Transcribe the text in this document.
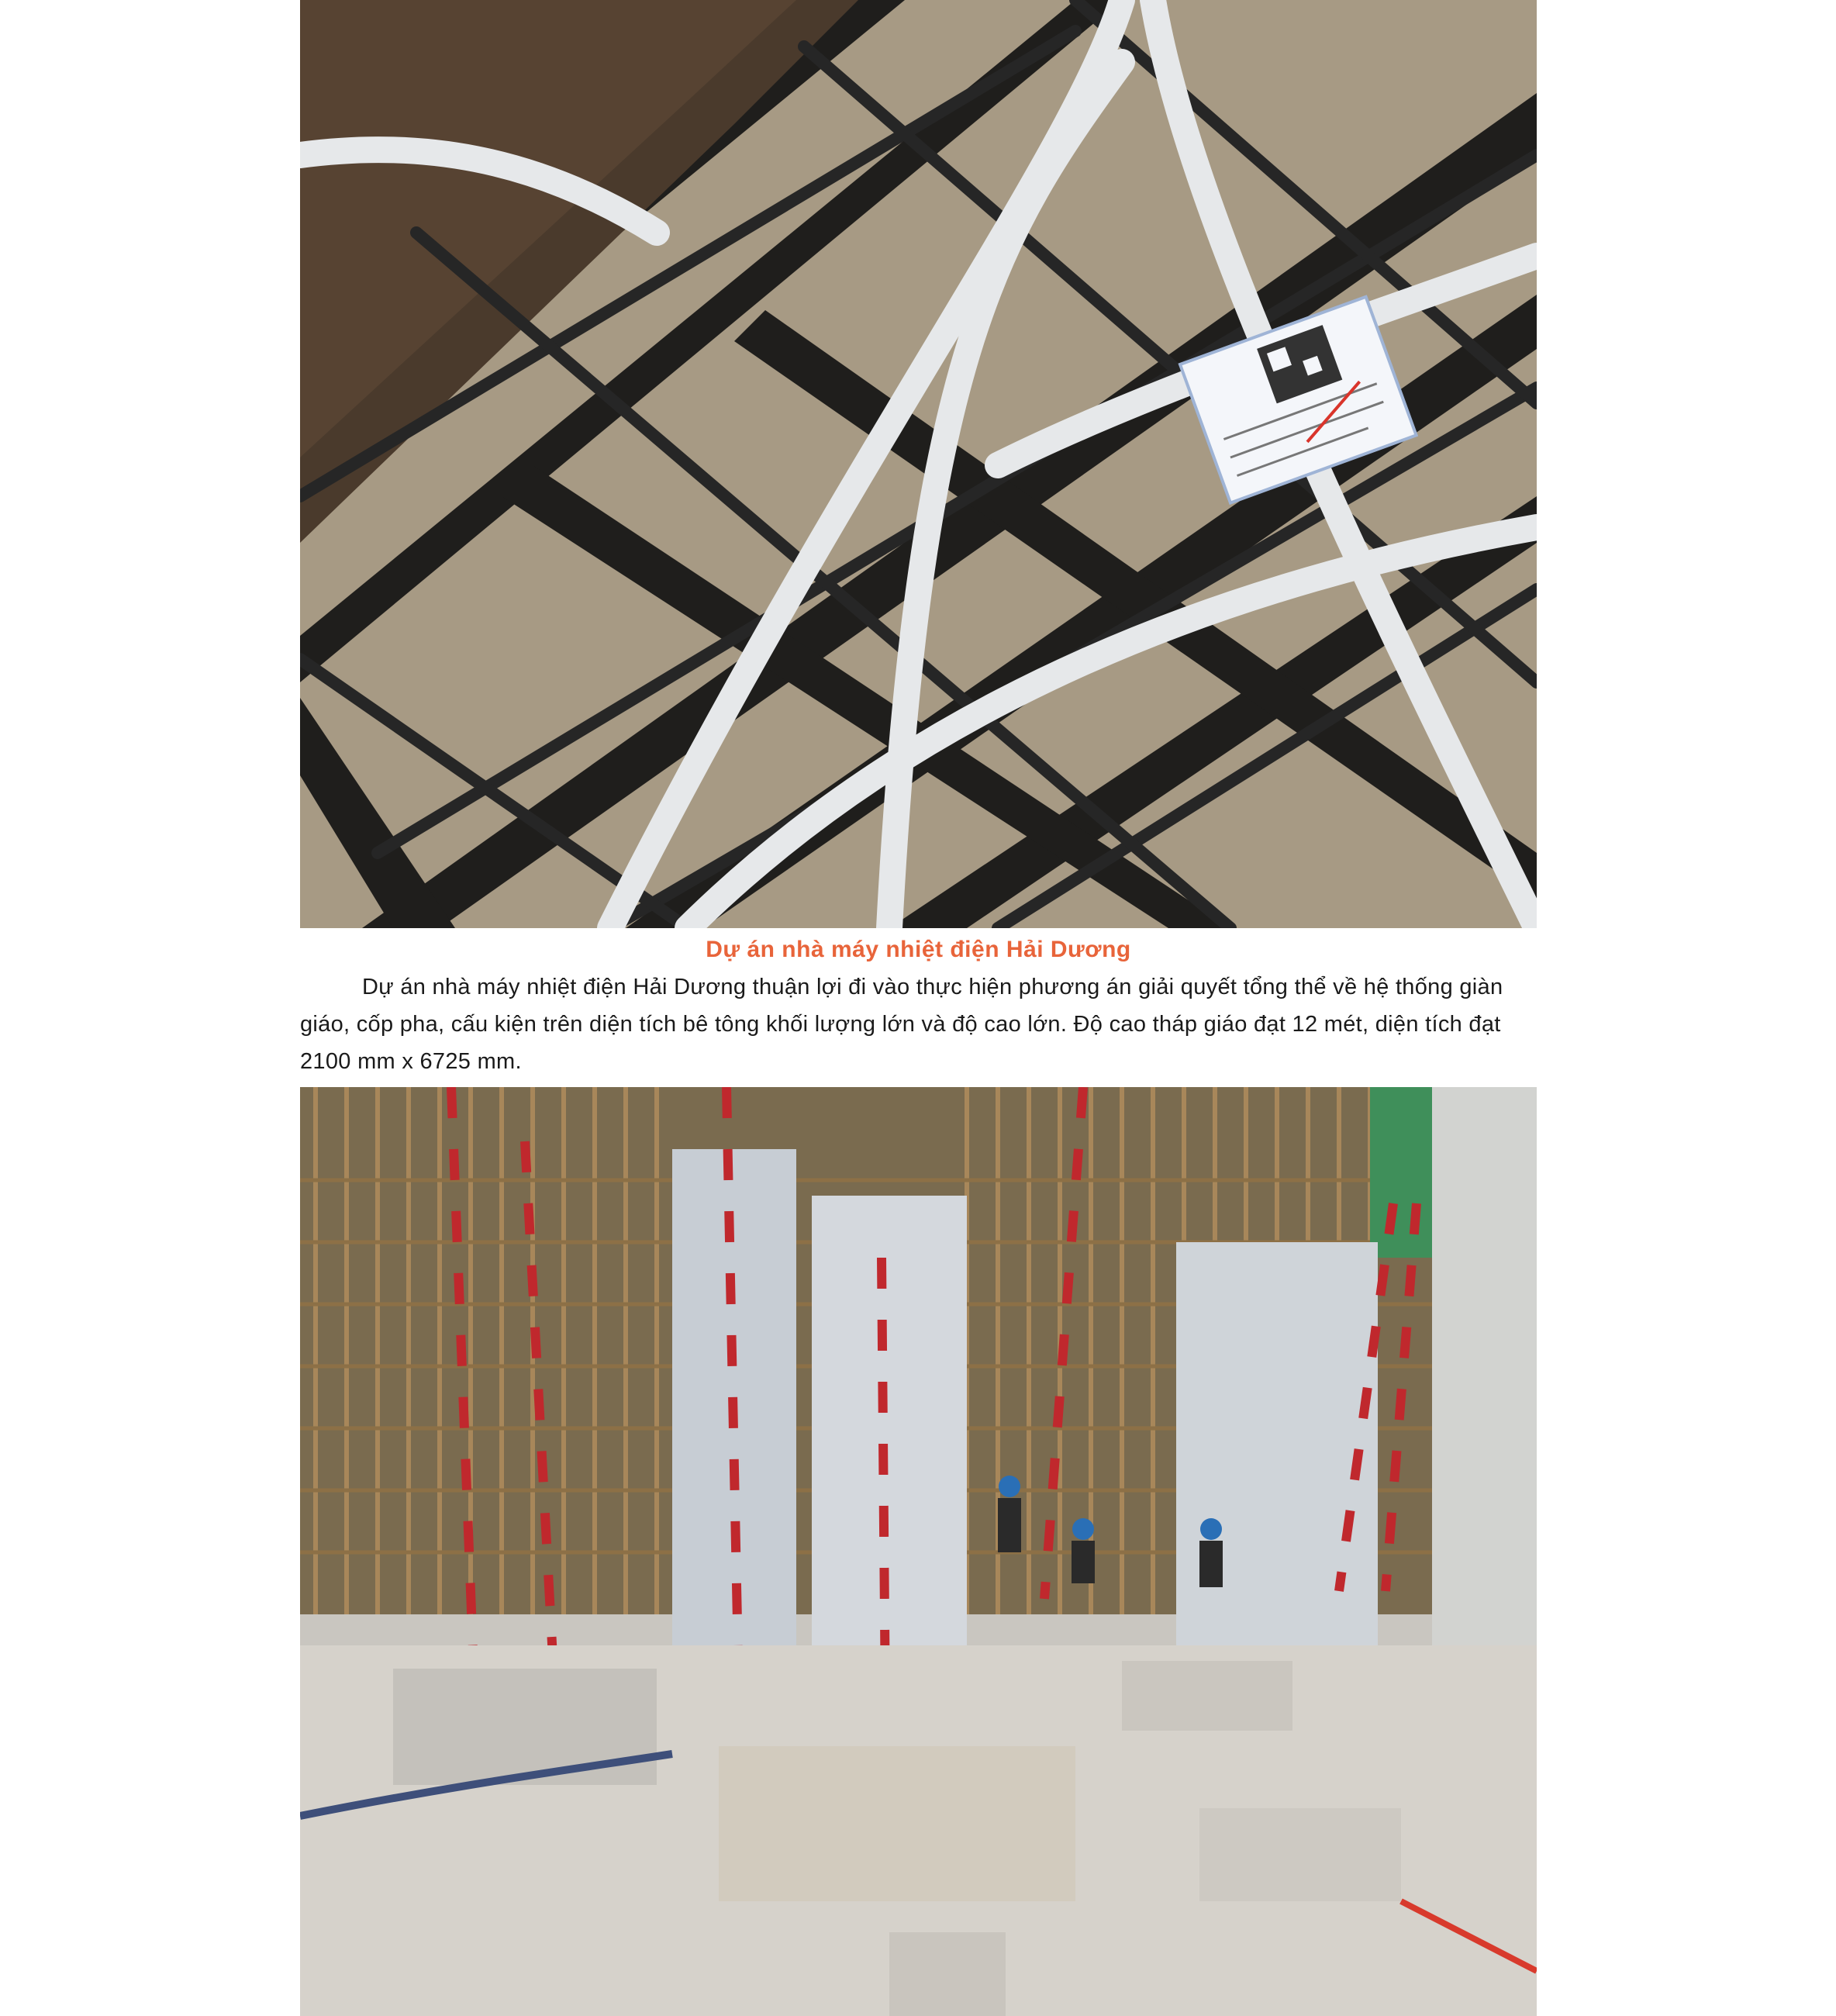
Dự án nhà máy nhiệt điện Hải Dương

Dự án nhà máy nhiệt điện Hải Dương thuận lợi đi vào thực hiện phương án giải quyết tổng thể về hệ thống giàn giáo, cốp pha, cấu kiện trên diện tích bê tông khối lượng lớn và độ cao lớn. Độ cao tháp giáo đạt 12 mét, diện tích đạt 2100 mm x 6725 mm.
